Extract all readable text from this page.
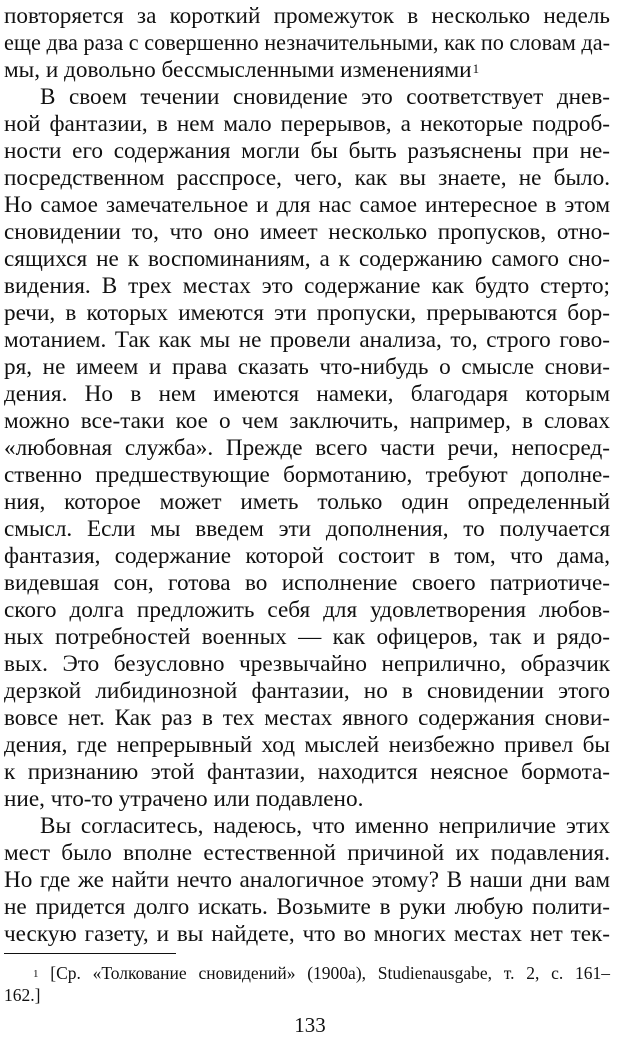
повторяется за короткий промежуток в несколько недель
еще два раза с совершенно незначительными, как по словам да-
мы, и довольно бессмысленными изменениями$^1$
В своем течении сновидение это соответствует днев-
ной фантазии, в нем мало перерывов, а некоторые подроб-
ности его содержания могли бы быть разъяснены при не-
посредственном расспросе, чего, как вы знаете, не было.
Но самое замечательное и для нас самое интересное в этом
сновидении то, что оно имеет несколько пропусков, отно-
сящихся не к воспоминаниям, а к содержанию самого сно-
видения. В трех местах это содержание как будто стерто;
речи, в которых имеются эти пропуски, прерываются бор-
мотанием. Так как мы не провели анализа, то, строго гово-
ря, не имеем и права сказать что-нибудь о смысле снови-
дения. Но в нем имеются намеки, благодаря которым
можно все-таки кое о чем заключить, например, в словах
«любовная служба». Прежде всего части речи, непосред-
ственно предшествующие бормотанию, требуют дополне-
ния, которое может иметь только один определенный
смысл. Если мы введем эти дополнения, то получается
фантазия, содержание которой состоит в том, что дама,
видевшая сон, готова во исполнение своего патриотиче-
ского долга предложить себя для удовлетворения любов-
ных потребностей военных — как офицеров, так и рядо-
вых. Это безусловно чрезвычайно неприлично, образчик
дерзкой либидинозной фантазии, но в сновидении этого
вовсе нет. Как раз в тех местах явного содержания снови-
дения, где непрерывный ход мыслей неизбежно привел бы
к признанию этой фантазии, находится неясное бормота-
ние, что-то утрачено или подавлено.
Вы согласитесь, надеюсь, что именно неприличие этих
мест было вполне естественной причиной их подавления.
Но где же найти нечто аналогичное этому? В наши дни вам
не придется долго искать. Возьмите в руки любую полити-
ческую газету, и вы найдете, что во многих местах нет тек-
$^1$ [Ср. «Толкование сновидений» (1900a), Studienausgabe, т. 2, с. 161–
162.]
133
